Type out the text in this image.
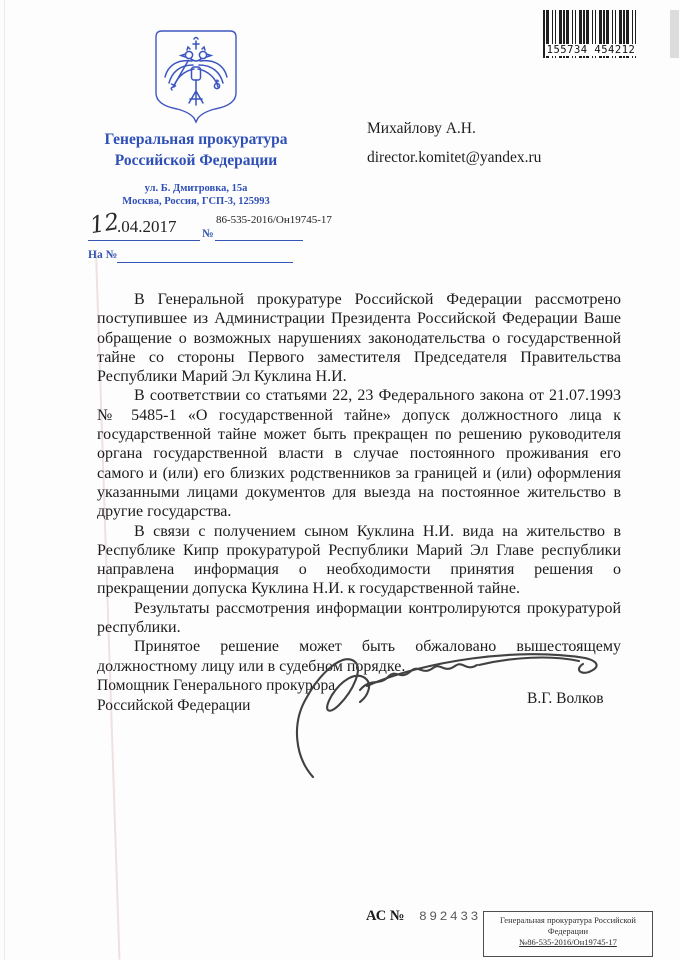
Генеральная прокуратура
Российской Федерации
ул. Б. Дмитровка, 15а
Москва, Россия, ГСП-3, 125993
155734 454212
Михайлову А.Н.
director.komitet@yandex.ru
12
.04.2017 №
86-535-2016/Он19745-17
На №

В Генеральной прокуратуре Российской Федерации рассмотрено поступившее из Администрации Президента Российской Федерации Ваше обращение о возможных нарушениях законодательства о государственной тайне со стороны Первого заместителя Председателя Правительства Республики Марий Эл Куклина Н.И.

В соответствии со статьями 22, 23 Федерального закона от 21.07.1993 № 5485-1 «О государственной тайне» допуск должностного лица к государственной тайне может быть прекращен по решению руководителя органа государственной власти в случае постоянного проживания его самого и (или) его близких родственников за границей и (или) оформления указанными лицами документов для выезда на постоянное жительство в другие государства.

В связи с получением сыном Куклина Н.И. вида на жительство в Республике Кипр прокуратурой Республики Марий Эл Главе республики направлена информация о необходимости принятия решения о прекращении допуска Куклина Н.И. к государственной тайне.

Результаты рассмотрения информации контролируются прокуратурой республики.

Принятое решение может быть обжаловано вышестоящему должностному лицу или в судебном порядке.

Помощник Генерального прокурора
Российской Федерации	В.Г. Волков
АС № 892433	Генеральная прокуратура Российской
Федерации
№86-535-2016/Он19745-17
